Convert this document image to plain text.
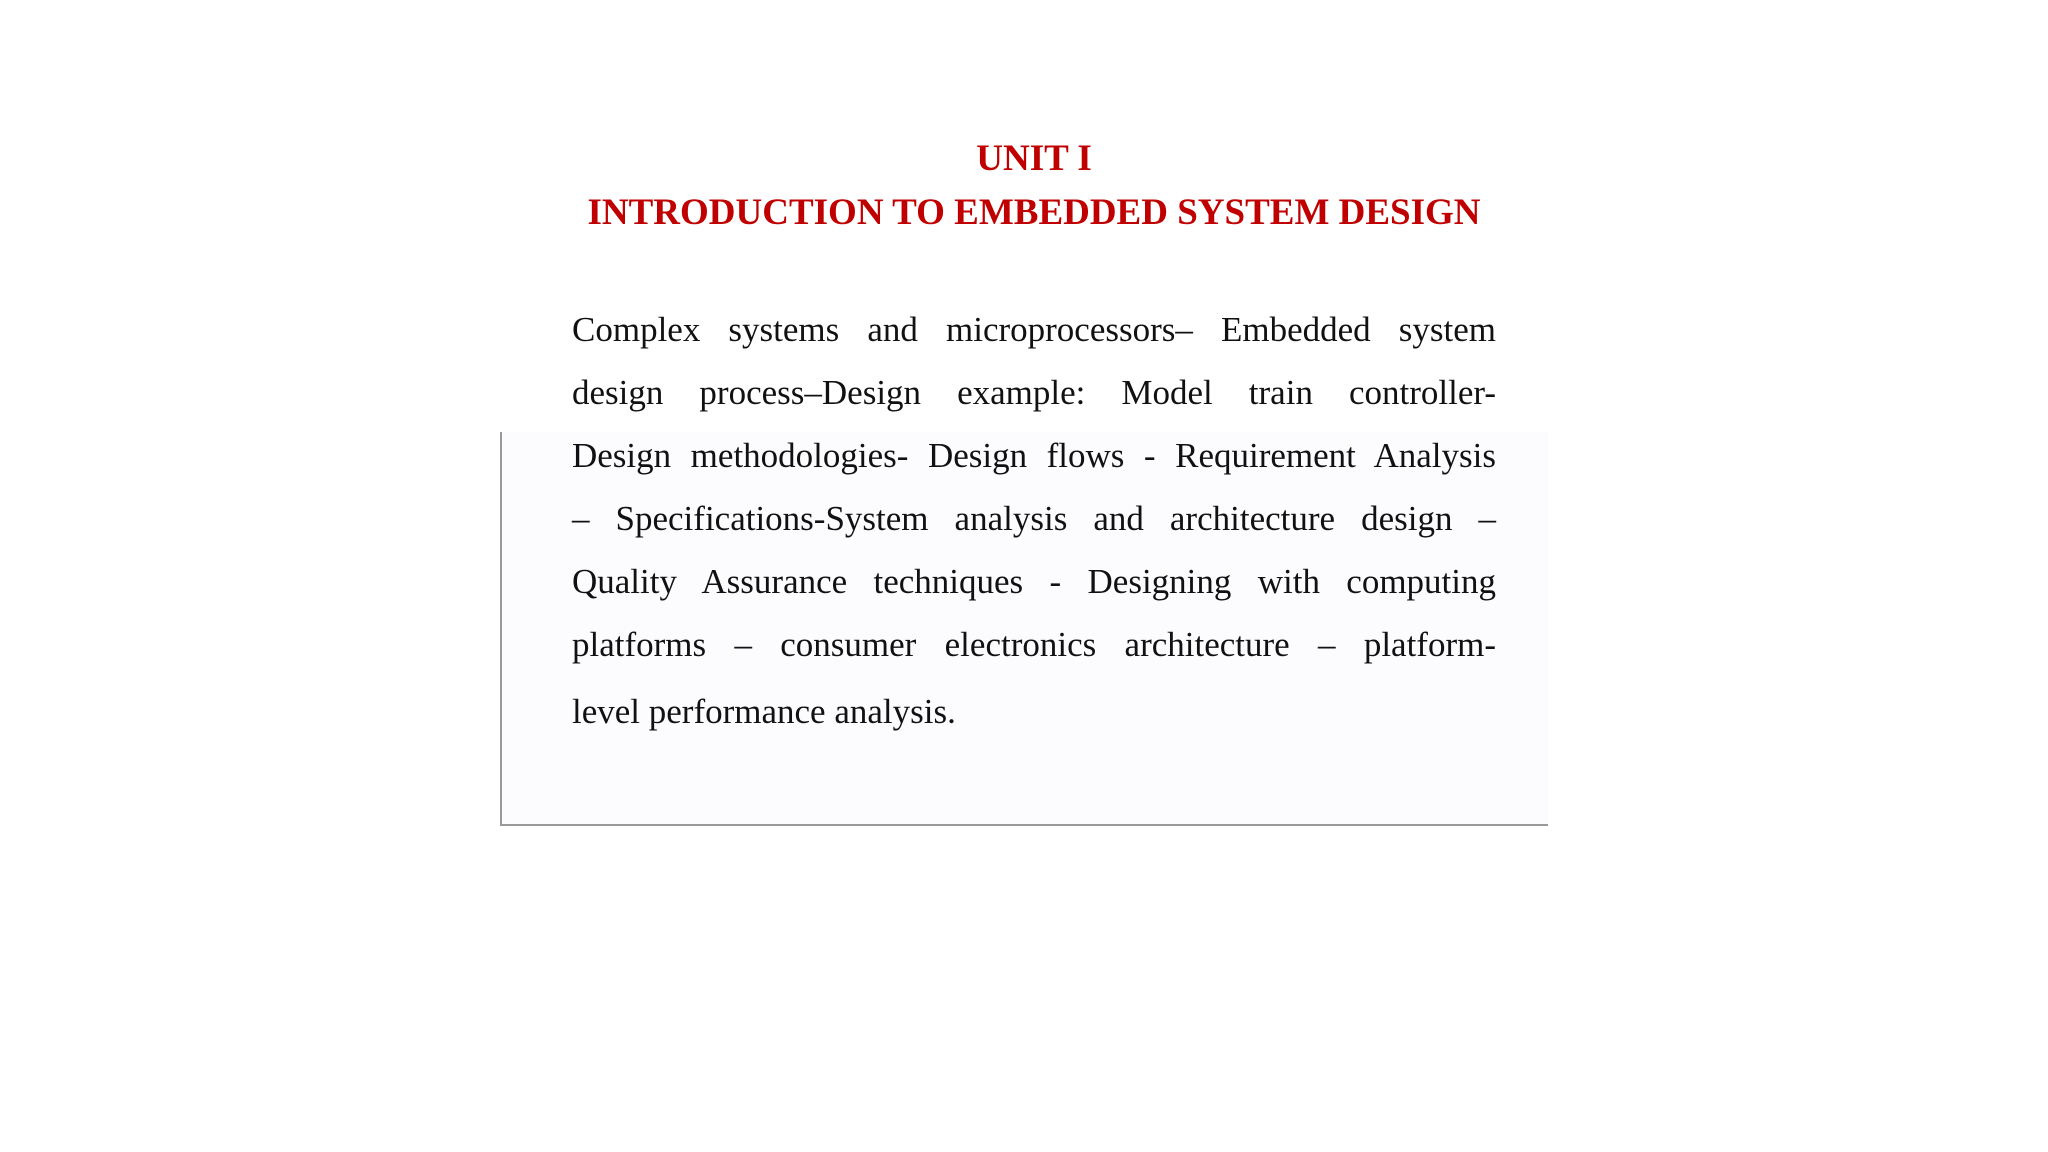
UNIT I
INTRODUCTION TO EMBEDDED SYSTEM DESIGN
Complex systems and microprocessors– Embedded system
design process–Design example: Model train controller-
Design methodologies- Design flows - Requirement Analysis
– Specifications-System analysis and architecture design –
Quality Assurance techniques - Designing with computing
platforms – consumer electronics architecture – platform-
level performance analysis.
